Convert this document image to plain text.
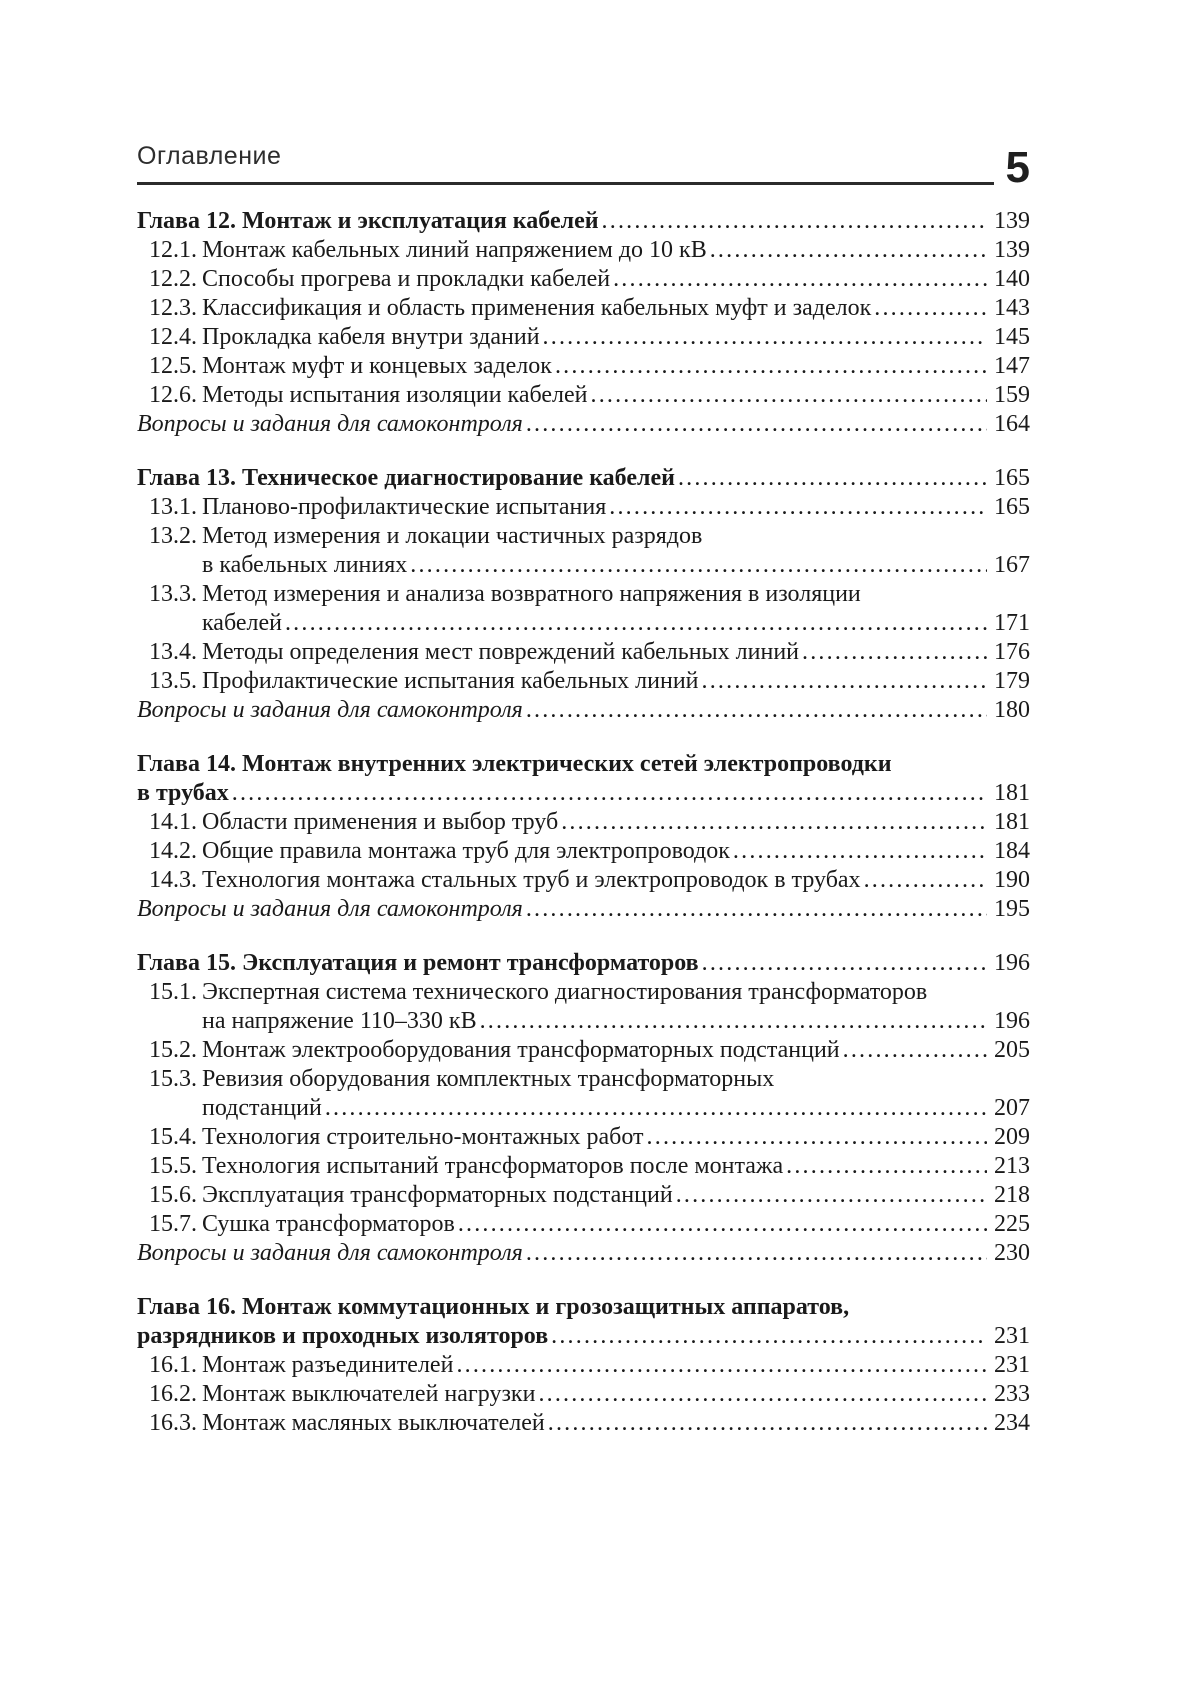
Оглавление	5
Глава 12. Монтаж и эксплуатация кабелей .....	139
12.1. Монтаж кабельных линий напряжением до 10 кВ .....	139
12.2. Способы прогрева и прокладки кабелей .....	140
12.3. Классификация и область применения кабельных муфт и заделок .....	143
12.4. Прокладка кабеля внутри зданий .....	145
12.5. Монтаж муфт и концевых заделок .....	147
12.6. Методы испытания изоляции кабелей .....	159
Вопросы и задания для самоконтроля .....	164
Глава 13. Техническое диагностирование кабелей .....	165
13.1. Планово-профилактические испытания .....	165
13.2. Метод измерения и локации частичных разрядов
в кабельных линиях .....	167
13.3. Метод измерения и анализа возвратного напряжения в изоляции
кабелей .....	171
13.4. Методы определения мест повреждений кабельных линий .....	176
13.5. Профилактические испытания кабельных линий .....	179
Вопросы и задания для самоконтроля .....	180
Глава 14. Монтаж внутренних электрических сетей электропроводки
в трубах .....	181
14.1. Области применения и выбор труб .....	181
14.2. Общие правила монтажа труб для электропроводок .....	184
14.3. Технология монтажа стальных труб и электропроводок в трубах .....	190
Вопросы и задания для самоконтроля .....	195
Глава 15. Эксплуатация и ремонт трансформаторов .....	196
15.1. Экспертная система технического диагностирования трансформаторов
на напряжение 110–330 кВ .....	196
15.2. Монтаж электрооборудования трансформаторных подстанций .....	205
15.3. Ревизия оборудования комплектных трансформаторных
подстанций .....	207
15.4. Технология строительно-монтажных работ .....	209
15.5. Технология испытаний трансформаторов после монтажа .....	213
15.6. Эксплуатация трансформаторных подстанций .....	218
15.7. Сушка трансформаторов .....	225
Вопросы и задания для самоконтроля .....	230
Глава 16. Монтаж коммутационных и грозозащитных аппаратов,
разрядников и проходных изоляторов .....	231
16.1. Монтаж разъединителей .....	231
16.2. Монтаж выключателей нагрузки .....	233
16.3. Монтаж масляных выключателей .....	234
